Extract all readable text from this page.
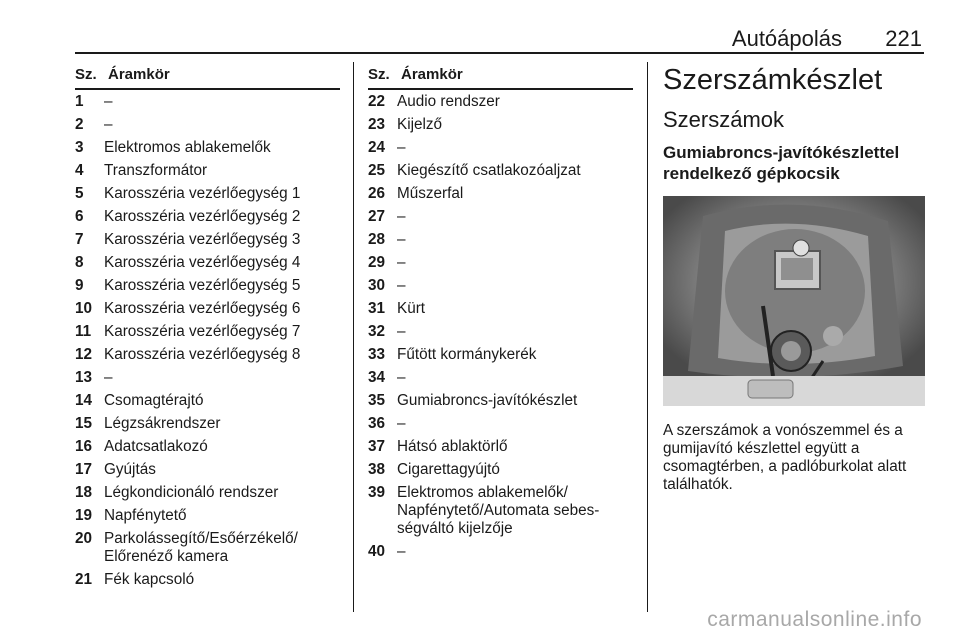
Autóápolás 221
Sz. Áramkör
1	–
2	–
3	Elektromos ablakemelők
4	Transzformátor
5	Karosszéria vezérlőegység 1
6	Karosszéria vezérlőegység 2
7	Karosszéria vezérlőegység 3
8	Karosszéria vezérlőegység 4
9	Karosszéria vezérlőegység 5
10 Karosszéria vezérlőegység 6
11 Karosszéria vezérlőegység 7
12 Karosszéria vezérlőegység 8
13 –
14 Csomagtérajtó
15 Légzsákrendszer
16 Adatcsatlakozó
17 Gyújtás
18 Légkondicionáló rendszer
19 Napfénytető
20 Parkolássegítő/Esőérzékelő/ Előrenéző kamera
21 Fék kapcsoló
Sz. Áramkör
22 Audio rendszer
23 Kijelző
24 –
25 Kiegészítő csatlakozóaljzat
26 Műszerfal
27 –
28 –
29 –
30 –
31 Kürt
32 –
33 Fűtött kormánykerék
34 –
35 Gumiabroncs-javítókészlet
36 –
37 Hátsó ablaktörlő
38 Cigarettagyújtó
39 Elektromos ablakemelők/ Napfénytető/Automata sebes- ségváltó kijelzője
40 –
Szerszámkészlet
Szerszámok
Gumiabroncs-javítókészlettel rendelkező gépkocsik
A szerszámok a vonószemmel és a gumijavító készlettel együtt a csomagtérben, a padlóburkolat alatt találhatók.
carmanualsonline.info
